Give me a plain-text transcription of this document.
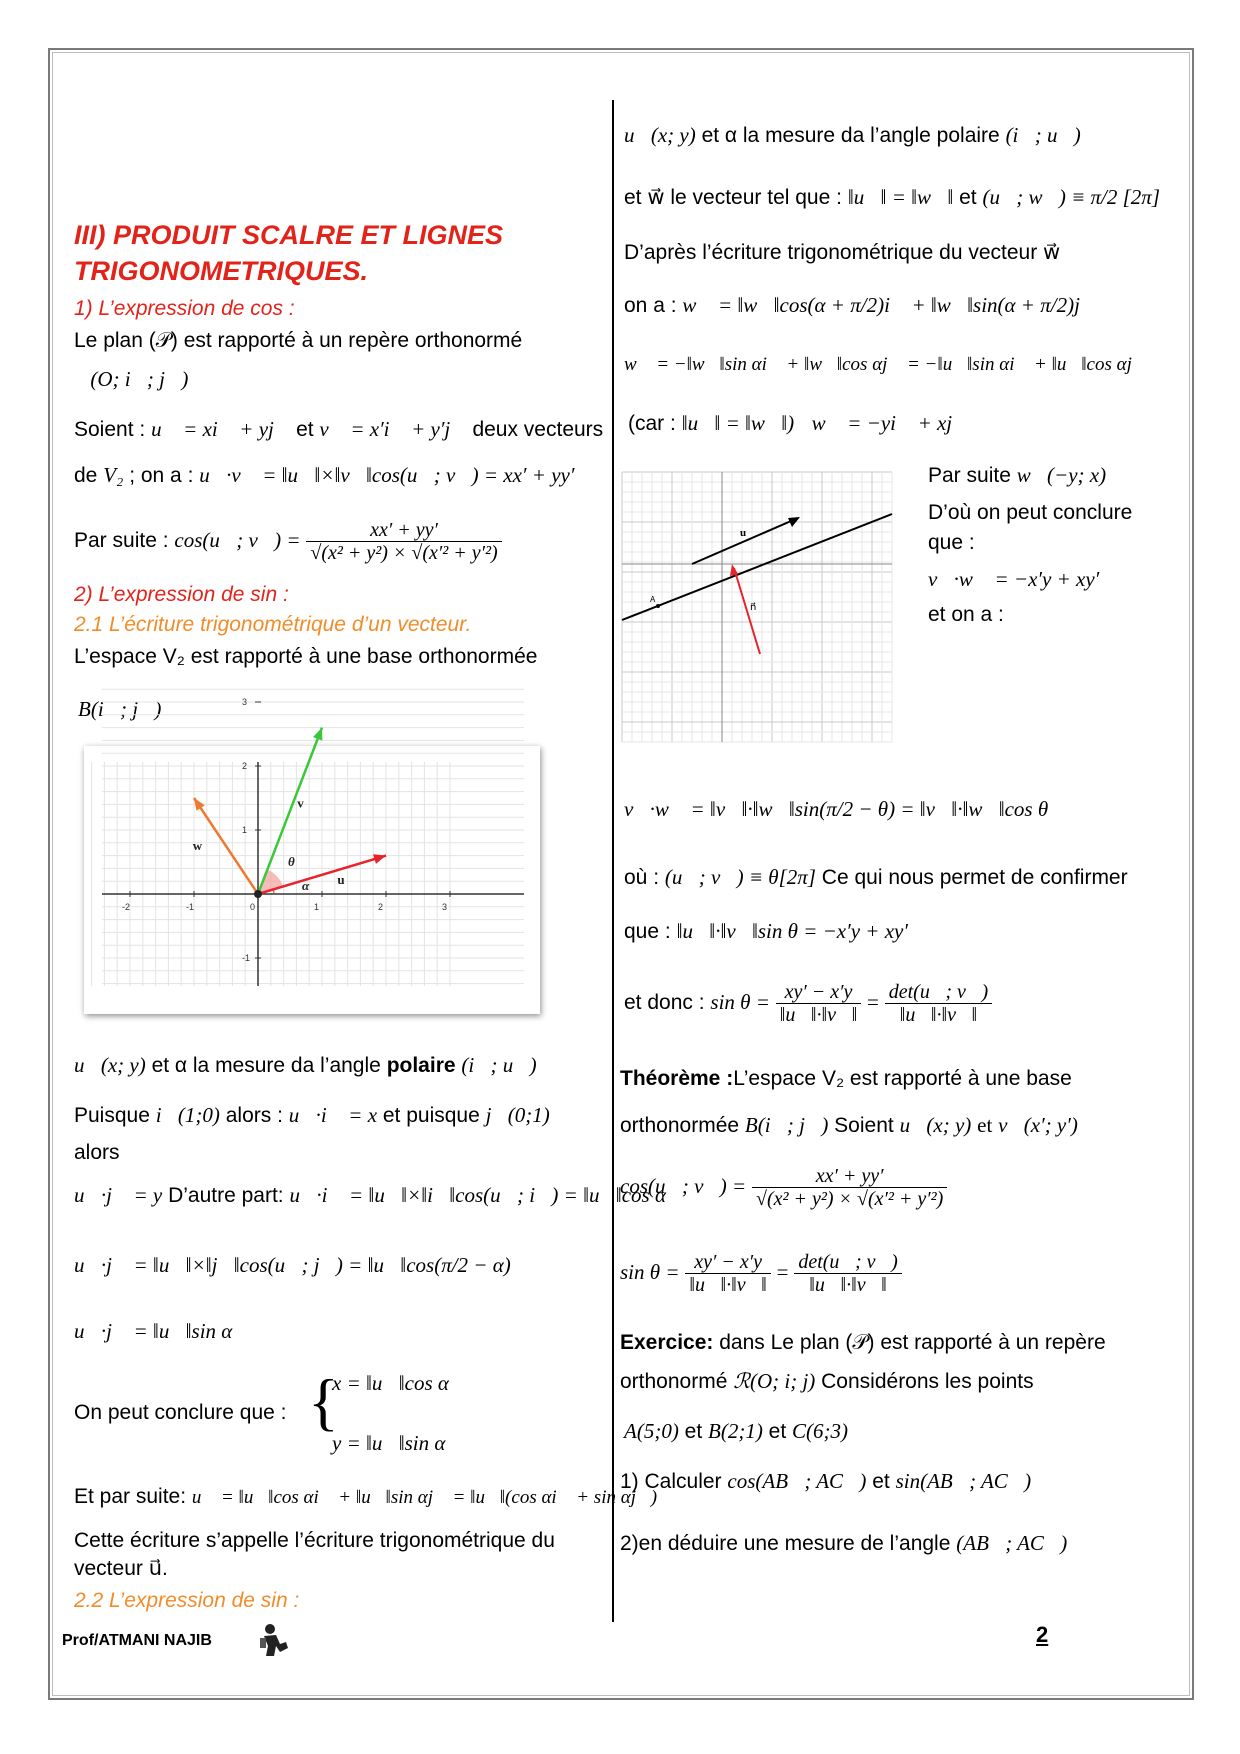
III) PRODUIT SCALRE ET LIGNES
TRIGONOMETRIQUES.
1) L’expression de cos :
Le plan (𝒫) est rapporté à un repère orthonormé
ℛ(O; i⃗; j⃗)
Soient : u⃗ = xi⃗ + yj⃗ et v⃗ = x′i⃗ + y′j⃗ deux vecteurs
de V₂ ; on a : u⃗·v⃗ = ‖u⃗‖×‖v⃗‖cos(u⃗; v⃗) = xx′ + yy′
Par suite : cos(u⃗; v⃗) = $\frac{xx' + yy'}{\text{√(x² + y²) × √(x′² + y′²)}}$
2) L’expression de sin :
2.1 L’écriture trigonométrique d’un vecteur.
L’espace V₂ est rapporté à une base orthonormée
B(i⃗; j⃗)
-2	-1	0	1	2	3
3
2
1
-1
v⃗
w⃗
u⃗
θ
α
u⃗(x; y) et α la mesure da l’angle polaire (i⃗; u⃗)
Puisque i⃗(1;0) alors : u⃗·i⃗ = x et puisque j⃗(0;1)
alors
u⃗·j⃗ = y D’autre part: u⃗·i⃗ = ‖u⃗‖×‖i⃗‖cos(u⃗; i⃗) = ‖u⃗‖cos α
u⃗·j⃗ = ‖u⃗‖×‖j⃗‖cos(u⃗; j⃗) = ‖u⃗‖cos(π/2 − α)
u⃗·j⃗ = ‖u⃗‖sin α
On peut conclure que : {
x = ‖u⃗‖cos α
y = ‖u⃗‖sin α
Et par suite: u⃗ = ‖u⃗‖cos αi⃗ + ‖u⃗‖sin αj⃗ = ‖u⃗‖(cos αi⃗ + sin αj⃗)
Cette écriture s’appelle l’écriture trigonométrique du
vecteur u⃗.
2.2 L’expression de sin :
u⃗(x; y) et α la mesure da l’angle polaire (i⃗; u⃗)
et w⃗ le vecteur tel que : ‖u⃗‖ = ‖w⃗‖ et (u⃗; w⃗) ≡ π/2 [2π]
D’après l’écriture trigonométrique du vecteur w⃗
on a : w⃗ = ‖w⃗‖cos(α + π/2)i⃗ + ‖w⃗‖sin(α + π/2)j⃗
w⃗ = −‖w⃗‖sin αi⃗ + ‖w⃗‖cos αj⃗ = −‖u⃗‖sin αi⃗ + ‖u⃗‖cos αj⃗
(car : ‖u⃗‖ = ‖w⃗‖) w⃗ = −yi⃗ + xj⃗
u⃗
n⃗
A
Par suite w⃗(−y; x)
D’où on peut conclure
que :
v⃗·w⃗ = −x′y + xy′
et on a :
v⃗·w⃗ = ‖v⃗‖·‖w⃗‖sin(π/2 − θ) = ‖v⃗‖·‖w⃗‖cos θ
où : (u⃗; v⃗) ≡ θ[2π] Ce qui nous permet de confirmer
que : ‖u⃗‖·‖v⃗‖sin θ = −x′y + xy′
et donc : $\sin \theta = \frac{xy' - x'y}{‖u⃗‖\cdot‖v⃗‖} = \frac{\det(u⃗; v⃗)}{‖u⃗‖\cdot‖v⃗‖}$
Théorème :L’espace V₂ est rapporté à une base
orthonormée B(i⃗; j⃗) Soient u⃗(x; y) et v⃗(x′; y′)
cos(u⃗; v⃗) = $\frac{xx' + yy'}{\text{√(x² + y²) × √(x′² + y′²)}}$
$\sin \theta = \frac{xy' - x'y}{‖u⃗‖\cdot‖v⃗‖} = \frac{\det(u⃗; v⃗)}{‖u⃗‖\cdot‖v⃗‖}$
Exercice: dans Le plan (𝒫) est rapporté à un repère
orthonormé ℛ(O; i; j) Considérons les points
A(5;0) et B(2;1) et C(6;3)
1) Calculer cos(AB⃗; AC⃗) et sin(AB⃗; AC⃗)
2)en déduire une mesure de l’angle (AB⃗; AC⃗)
Prof/ATMANI NAJIB	2
